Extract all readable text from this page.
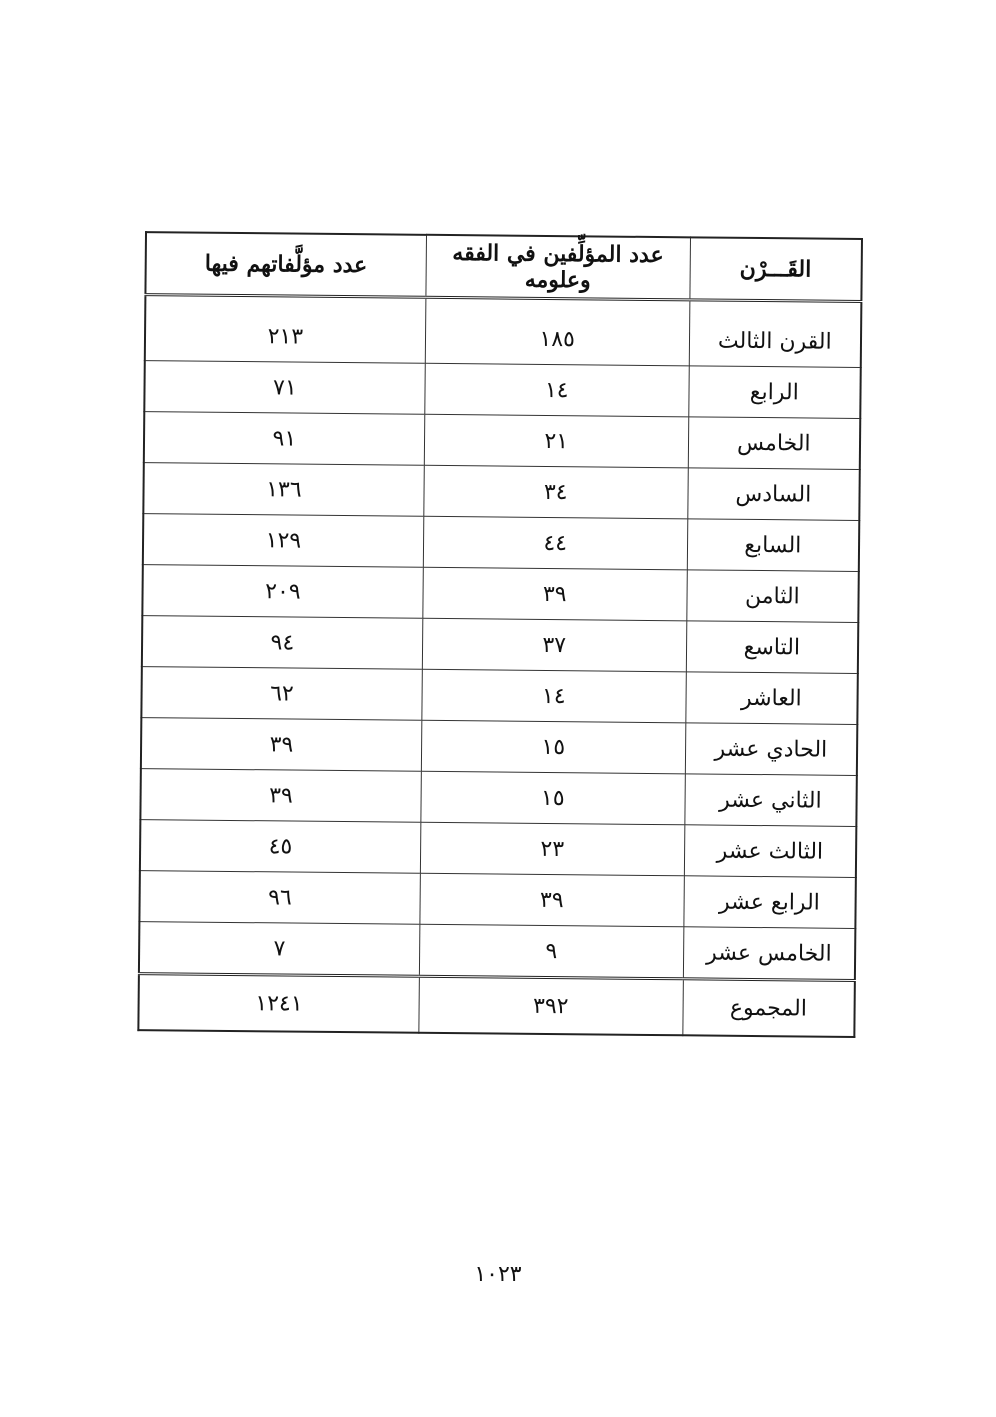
القَـــرْن	عدد المؤلِّفين في الفقه وعلومه	عدد مؤلَّفاتهم فيها
القرن الثالث	١٨٥	٢١٣
الرابع	١٤	٧١
الخامس	٢١	٩١
السادس	٣٤	١٣٦
السابع	٤٤	١٢٩
الثامن	٣٩	٢٠٩
التاسع	٣٧	٩٤
العاشر	١٤	٦٢
الحادي عشر	١٥	٣٩
الثاني عشر	١٥	٣٩
الثالث عشر	٢٣	٤٥
الرابع عشر	٣٩	٩٦
الخامس عشر	٩	٧
المجموع	٣٩٢	١٢٤١
١٠٢٣
